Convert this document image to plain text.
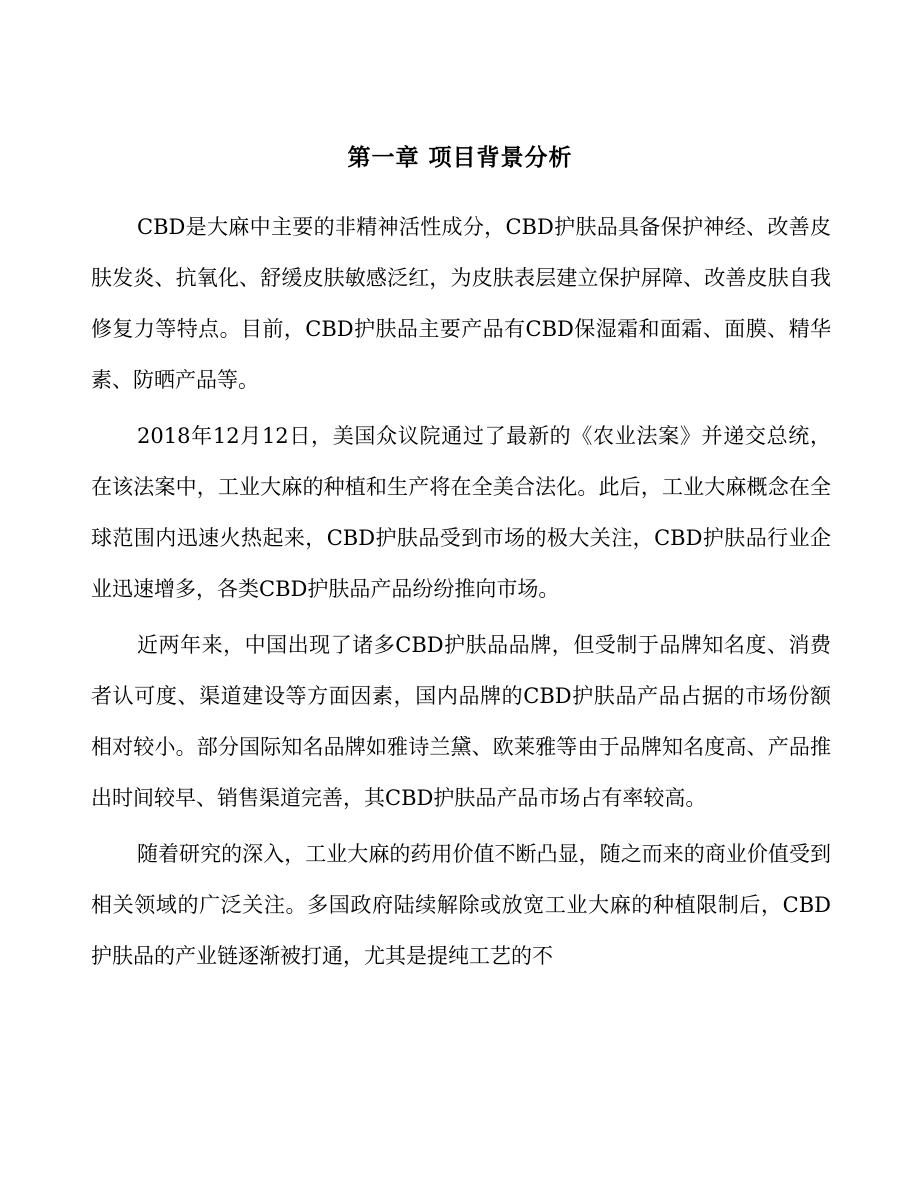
第一章 项目背景分析

CBD是大麻中主要的非精神活性成分，CBD护肤品具备保护神经、改善皮肤发炎、抗氧化、舒缓皮肤敏感泛红，为皮肤表层建立保护屏障、改善皮肤自我修复力等特点。目前，CBD护肤品主要产品有CBD保湿霜和面霜、面膜、精华素、防晒产品等。

2018年12月12日，美国众议院通过了最新的《农业法案》并递交总统，在该法案中，工业大麻的种植和生产将在全美合法化。此后，工业大麻概念在全球范围内迅速火热起来，CBD护肤品受到市场的极大关注，CBD护肤品行业企业迅速增多，各类CBD护肤品产品纷纷推向市场。

近两年来，中国出现了诸多CBD护肤品品牌，但受制于品牌知名度、消费者认可度、渠道建设等方面因素，国内品牌的CBD护肤品产品占据的市场份额相对较小。部分国际知名品牌如雅诗兰黛、欧莱雅等由于品牌知名度高、产品推出时间较早、销售渠道完善，其CBD护肤品产品市场占有率较高。

随着研究的深入，工业大麻的药用价值不断凸显，随之而来的商业价值受到相关领域的广泛关注。多国政府陆续解除或放宽工业大麻的种植限制后，CBD护肤品的产业链逐渐被打通，尤其是提纯工艺的不
